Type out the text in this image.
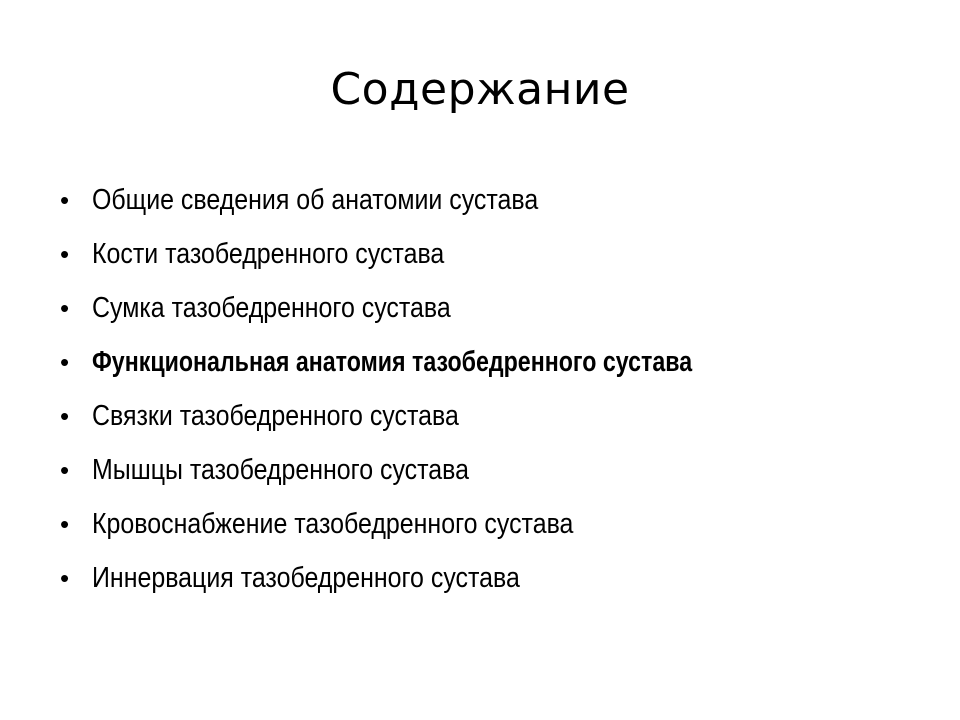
Содержание
• Общие сведения об анатомии сустава
• Кости тазобедренного сустава
• Сумка тазобедренного сустава
• Функциональная анатомия тазобедренного сустава
• Связки тазобедренного сустава
• Мышцы тазобедренного сустава
• Кровоснабжение тазобедренного сустава
• Иннервация тазобедренного сустава
